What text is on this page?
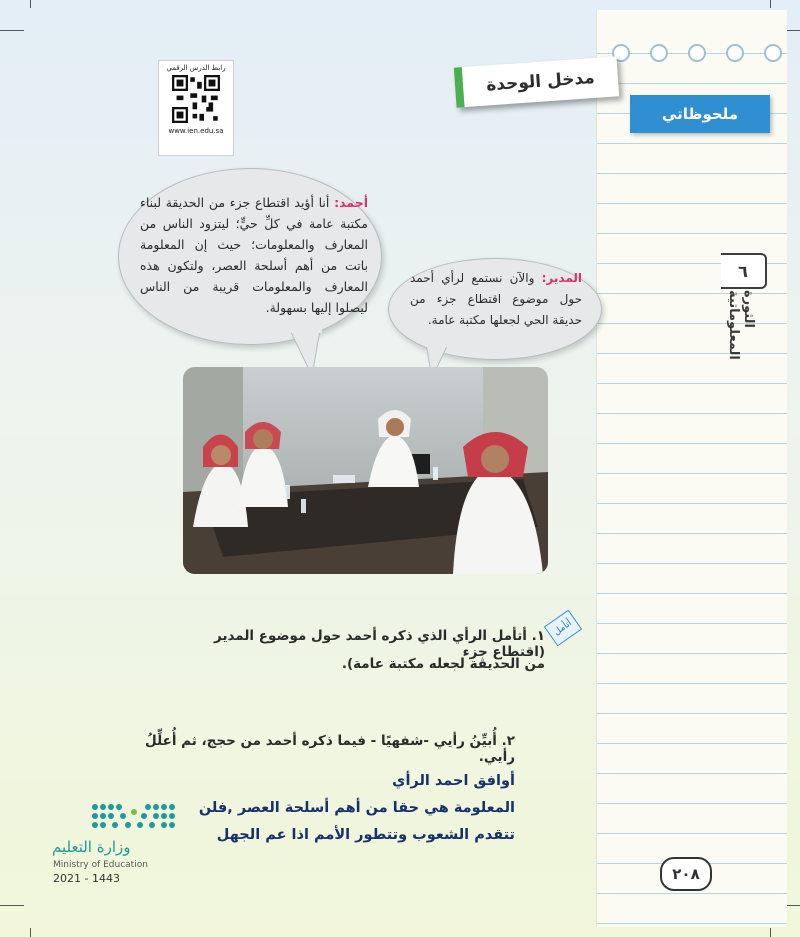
ملحوظاتي
٦
الثورة المعلوماتية
مدخل الوحدة
رابط الدرس الرقمي
www.ien.edu.sa
أحمد: أنا أؤيد اقتطاع جزء من الحديقة لبناء مكتبة عامة في كلِّ حيٍّ؛ ليتزود الناس من المعارف والمعلومات؛ حيث إن المعلومة باتت من أهم أسلحة العصر، ولتكون هذه المعارف والمعلومات قريبة من الناس ليصلوا إليها بسهولة.
المدير: والآن نستمع لرأي أحمد حول موضوع اقتطاع جزء من حديقة الحي لجعلها مكتبة عامة.
أتأمل
١. أتأمل الرأي الذي ذكره أحمد حول موضوع المدير (اقتطاع جزء
من الحديقة لجعله مكتبة عامة).
٢. أُبيِّنُ رأيي -شفهيًا - فيما ذكره أحمد من حجج، ثم أُعلِّلُ رأيي.
أوافق احمد الرأي
المعلومة هي حقا من أهم أسلحة العصر ,فلن
تتقدم الشعوب وتتطور الأمم اذا عم الجهل
وزارة التعليم
Ministry of Education
2021 - 1443	٢٠٨
